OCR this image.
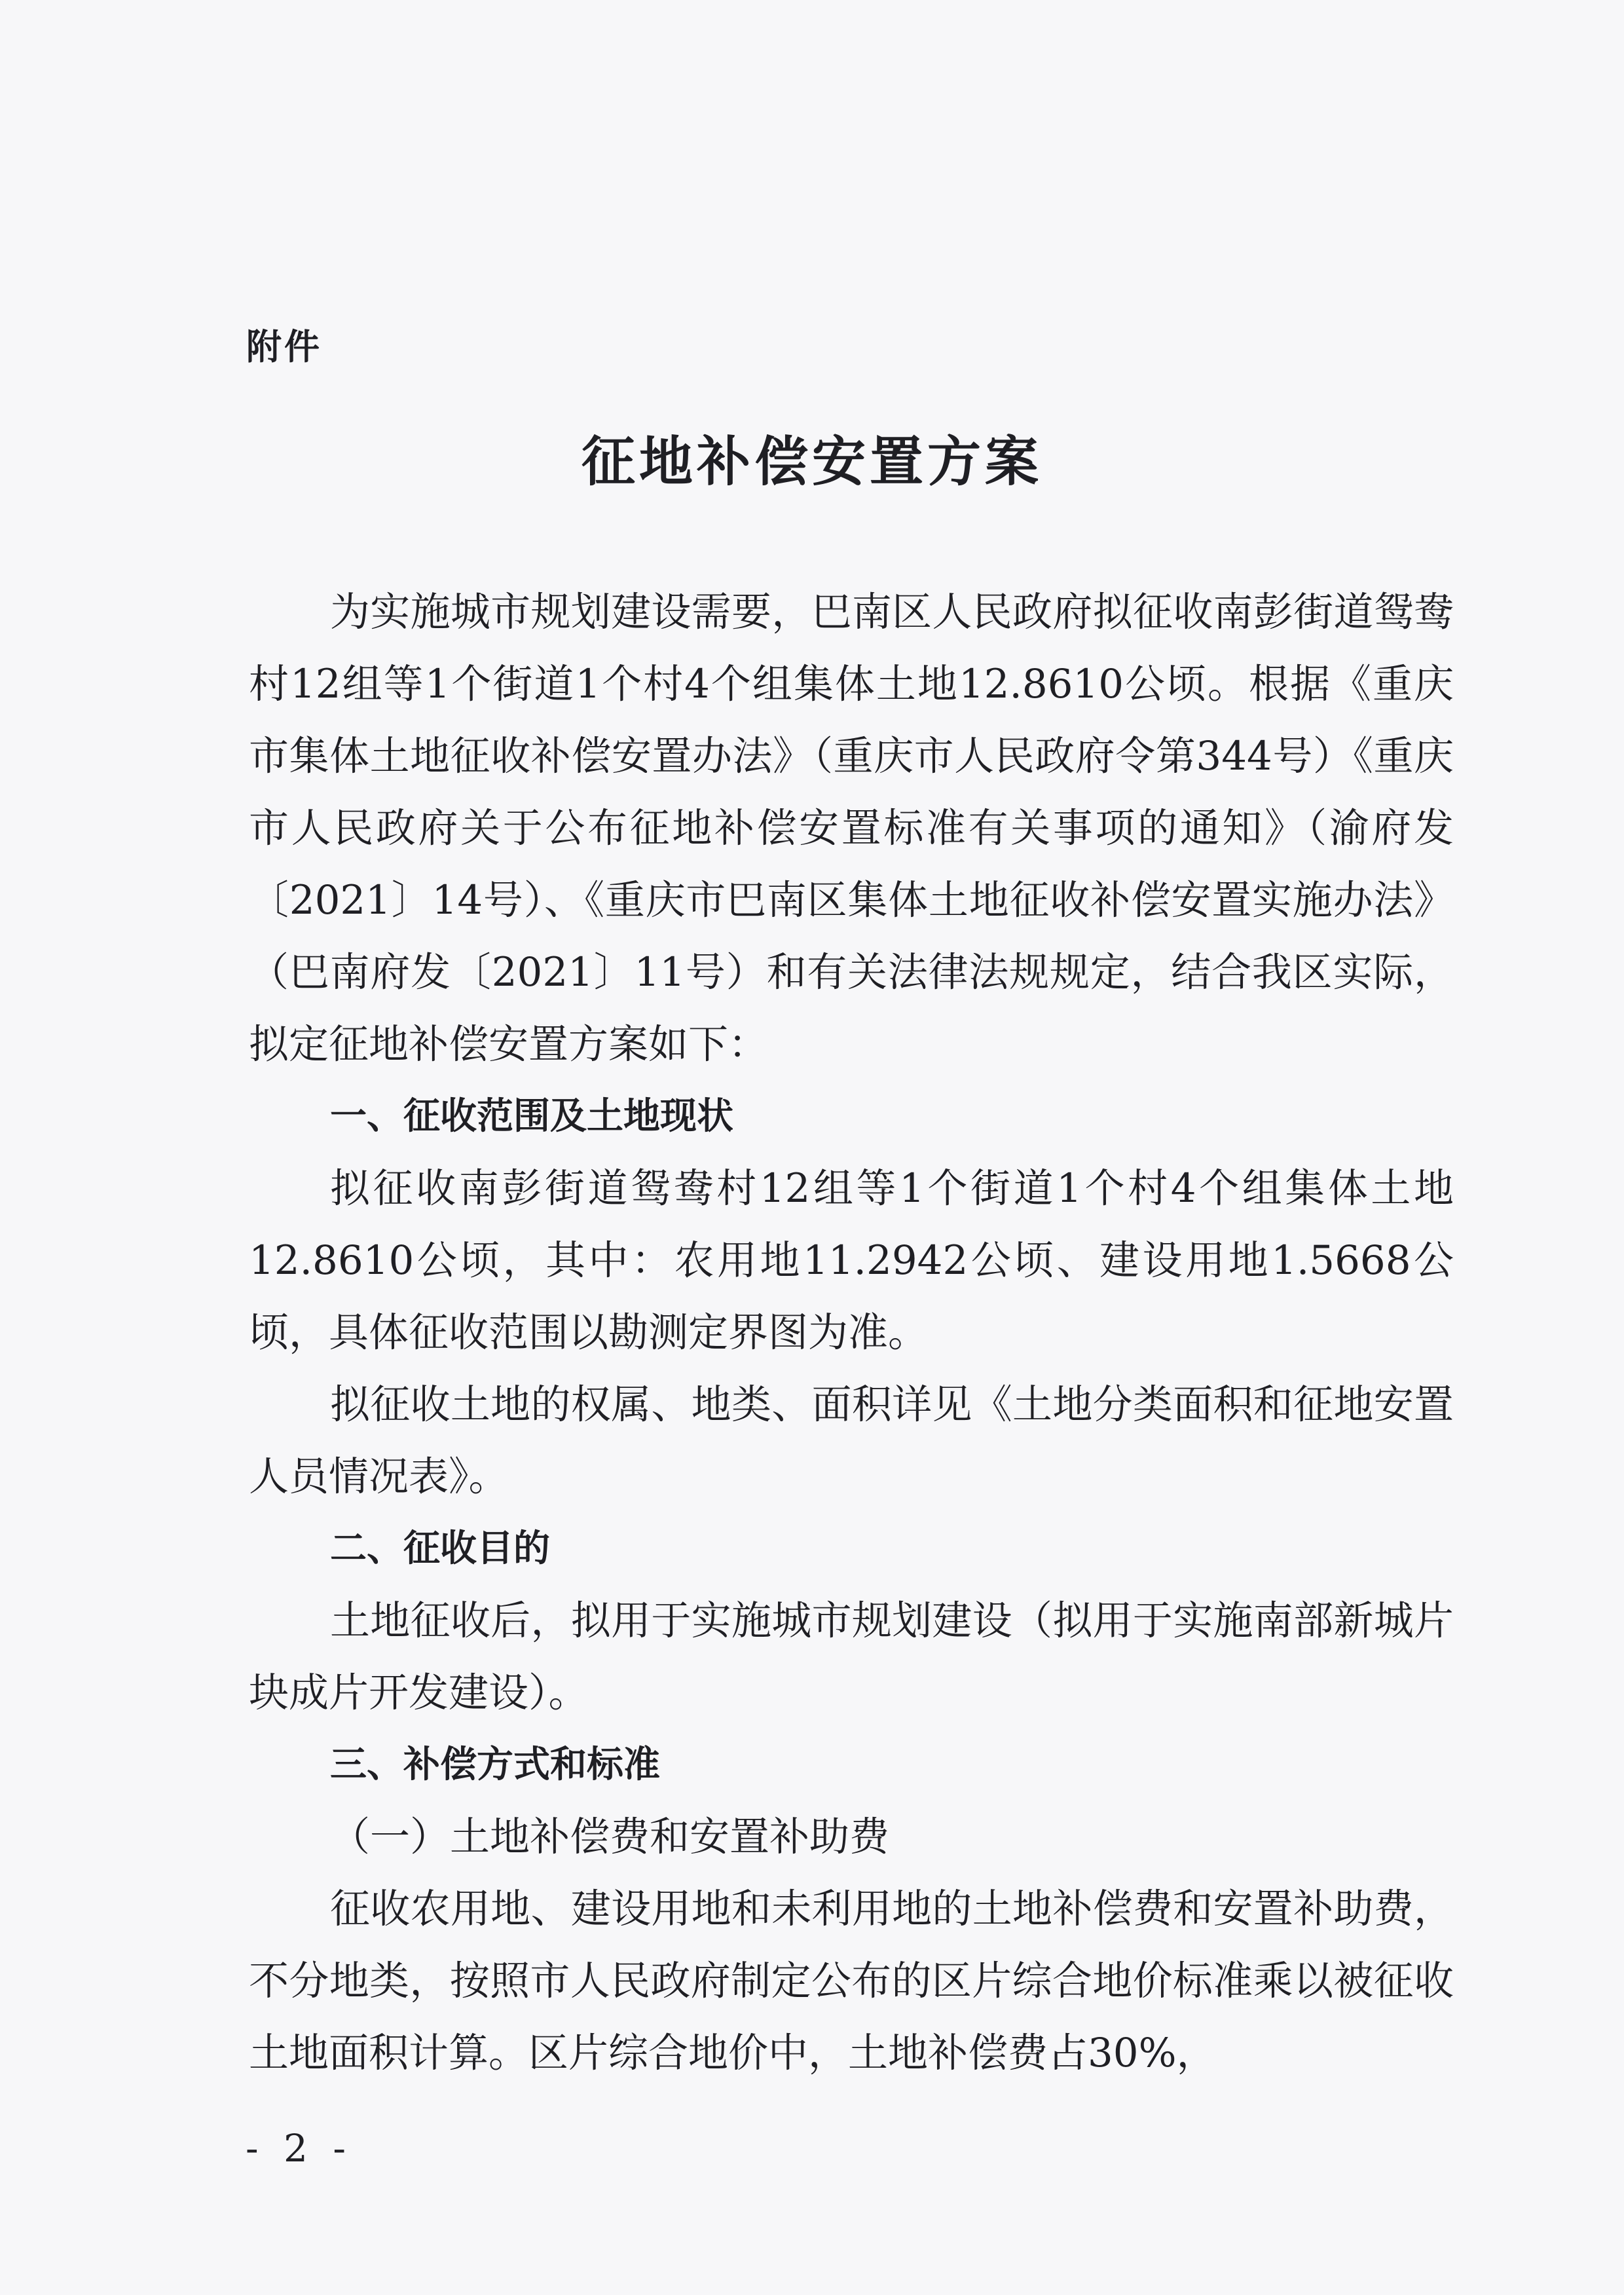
附件

征地补偿安置方案

为实施城市规划建设需要，巴南区人民政府拟征收南彭街道鸳鸯村12组等1个街道1个村4个组集体土地12.8610公顷。根据《重庆市集体土地征收补偿安置办法》（重庆市人民政府令第344号）《重庆市人民政府关于公布征地补偿安置标准有关事项的通知》（渝府发〔2021〕14号）、《重庆市巴南区集体土地征收补偿安置实施办法》（巴南府发〔2021〕11号）和有关法律法规规定，结合我区实际，拟定征地补偿安置方案如下：

一、征收范围及土地现状

拟征收南彭街道鸳鸯村12组等1个街道1个村4个组集体土地12.8610公顷，其中：农用地11.2942公顷、建设用地1.5668公顷，具体征收范围以勘测定界图为准。

拟征收土地的权属、地类、面积详见《土地分类面积和征地安置人员情况表》。

二、征收目的

土地征收后，拟用于实施城市规划建设（拟用于实施南部新城片块成片开发建设）。

三、补偿方式和标准

（一）土地补偿费和安置补助费

征收农用地、建设用地和未利用地的土地补偿费和安置补助费，不分地类，按照市人民政府制定公布的区片综合地价标准乘以被征收土地面积计算。区片综合地价中，土地补偿费占30%，

- 2 -
